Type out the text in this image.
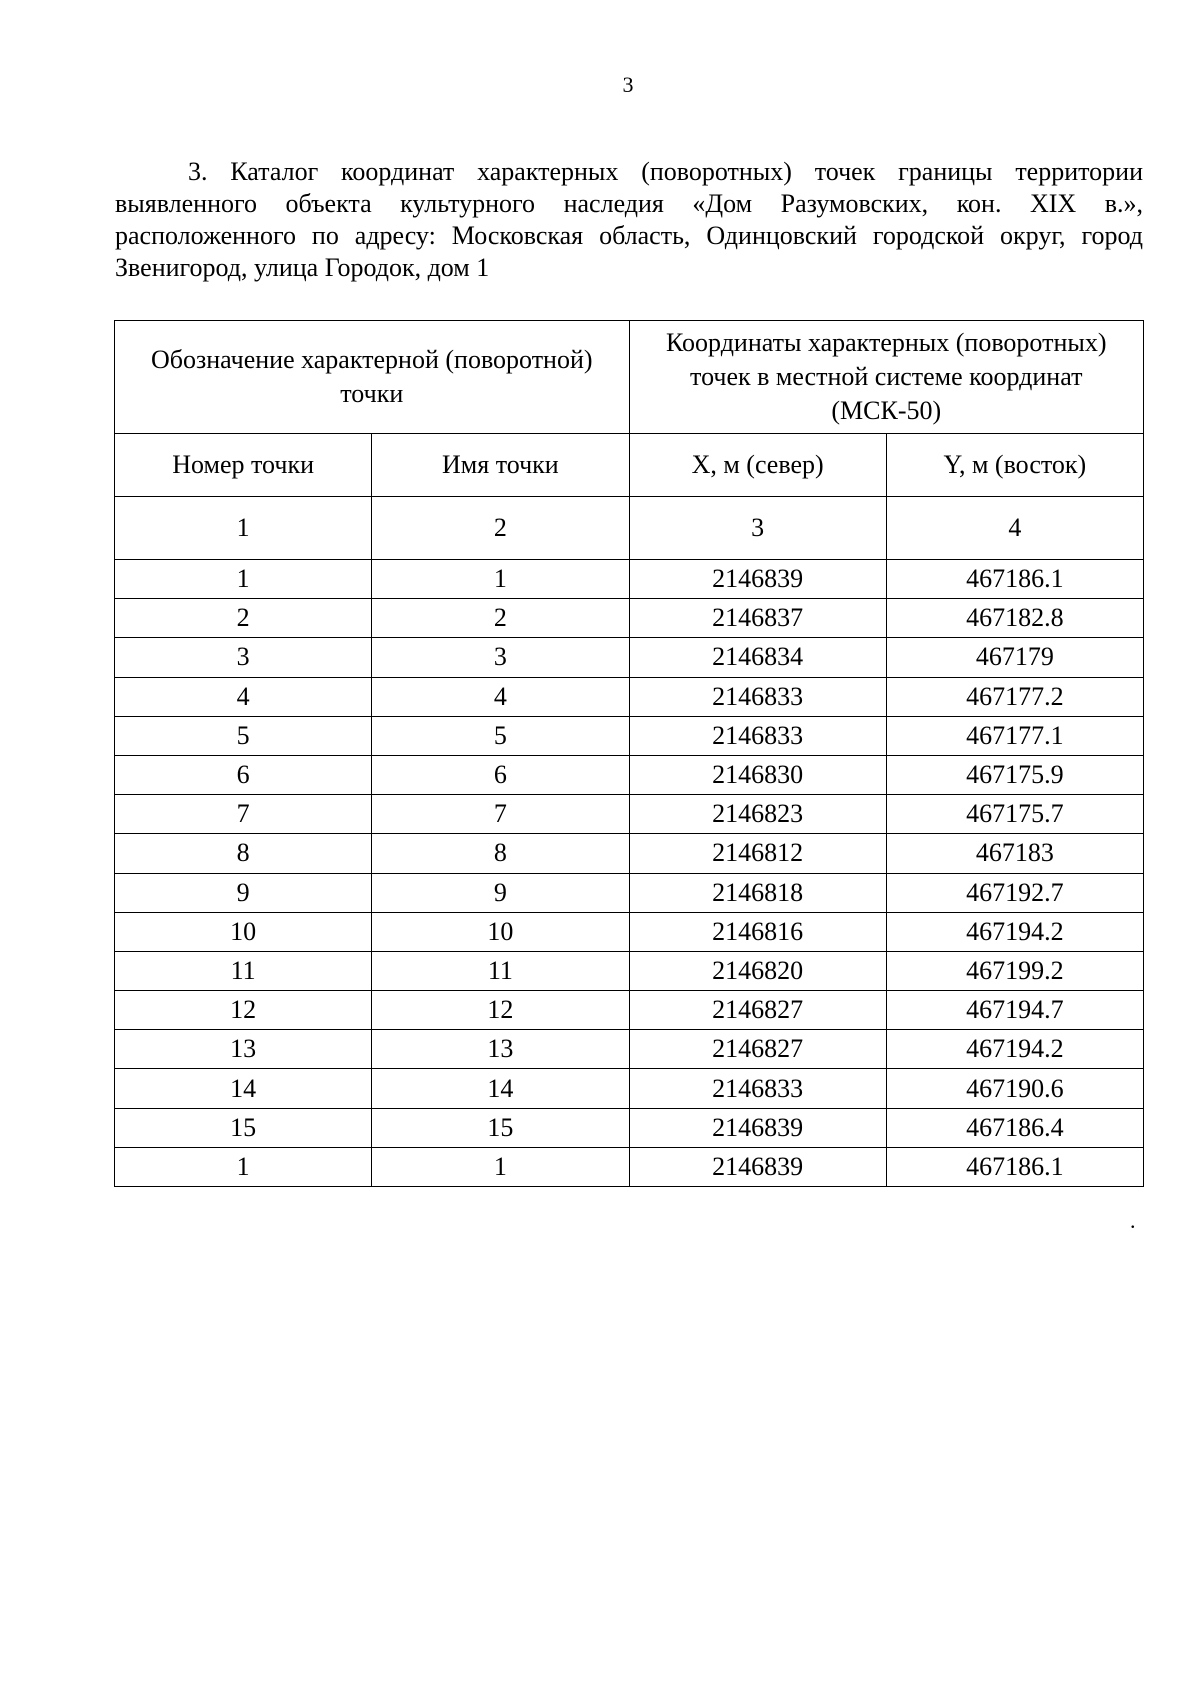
3

3. Каталог координат характерных (поворотных) точек границы территории выявленного объекта культурного наследия «Дом Разумовских, кон. XIX в.», расположенного по адресу: Московская область, Одинцовский городской округ, город Звенигород, улица Городок, дом 1

Обозначение характерной (поворотной) точки		Координаты характерных (поворотных) точек в местной системе координат (МСК-50)	
Номер точки	Имя точки	X, м (север)	Y, м (восток)
1	2	3	4
1	1	2146839	467186.1
2	2	2146837	467182.8
3	3	2146834	467179
4	4	2146833	467177.2
5	5	2146833	467177.1
6	6	2146830	467175.9
7	7	2146823	467175.7
8	8	2146812	467183
9	9	2146818	467192.7
10	10	2146816	467194.2
11	11	2146820	467199.2
12	12	2146827	467194.7
13	13	2146827	467194.2
14	14	2146833	467190.6
15	15	2146839	467186.4
1	1	2146839	467186.1
.
